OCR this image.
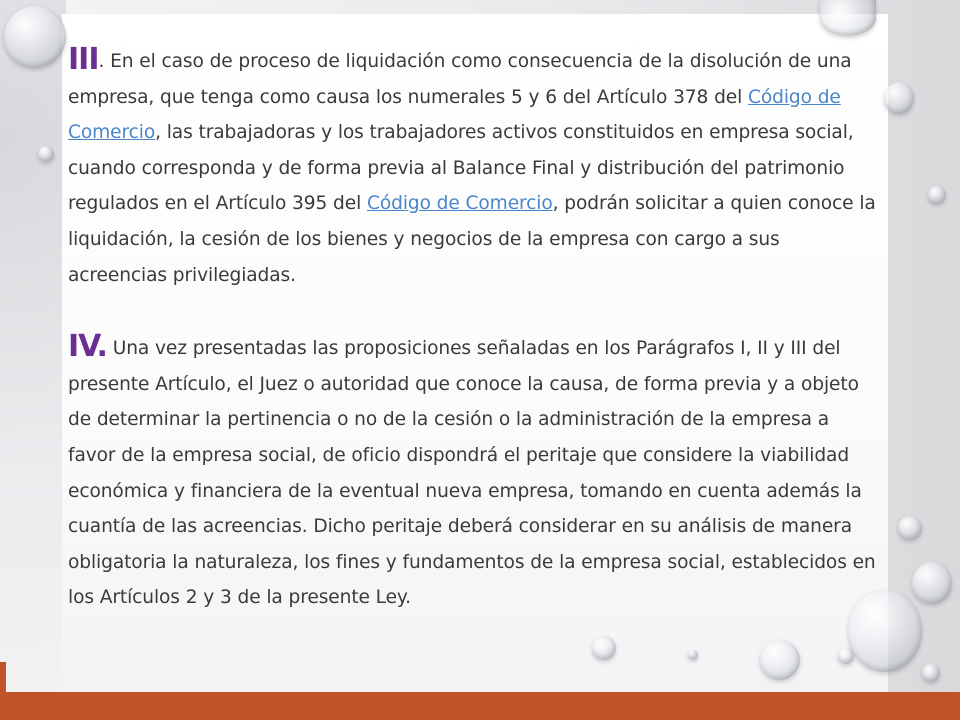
III. En el caso de proceso de liquidación como consecuencia de la disolución de una empresa, que tenga como causa los numerales 5 y 6 del Artículo 378 del Código de Comercio, las trabajadoras y los trabajadores activos constituidos en empresa social, cuando corresponda y de forma previa al Balance Final y distribución del patrimonio regulados en el Artículo 395 del Código de Comercio, podrán solicitar a quien conoce la liquidación, la cesión de los bienes y negocios de la empresa con cargo a sus acreencias privilegiadas.

IV. Una vez presentadas las proposiciones señaladas en los Parágrafos I, II y III del presente Artículo, el Juez o autoridad que conoce la causa, de forma previa y a objeto de determinar la pertinencia o no de la cesión o la administración de la empresa a favor de la empresa social, de oficio dispondrá el peritaje que considere la viabilidad económica y financiera de la eventual nueva empresa, tomando en cuenta además la cuantía de las acreencias. Dicho peritaje deberá considerar en su análisis de manera obligatoria la naturaleza, los fines y fundamentos de la empresa social, establecidos en los Artículos 2 y 3 de la presente Ley.
